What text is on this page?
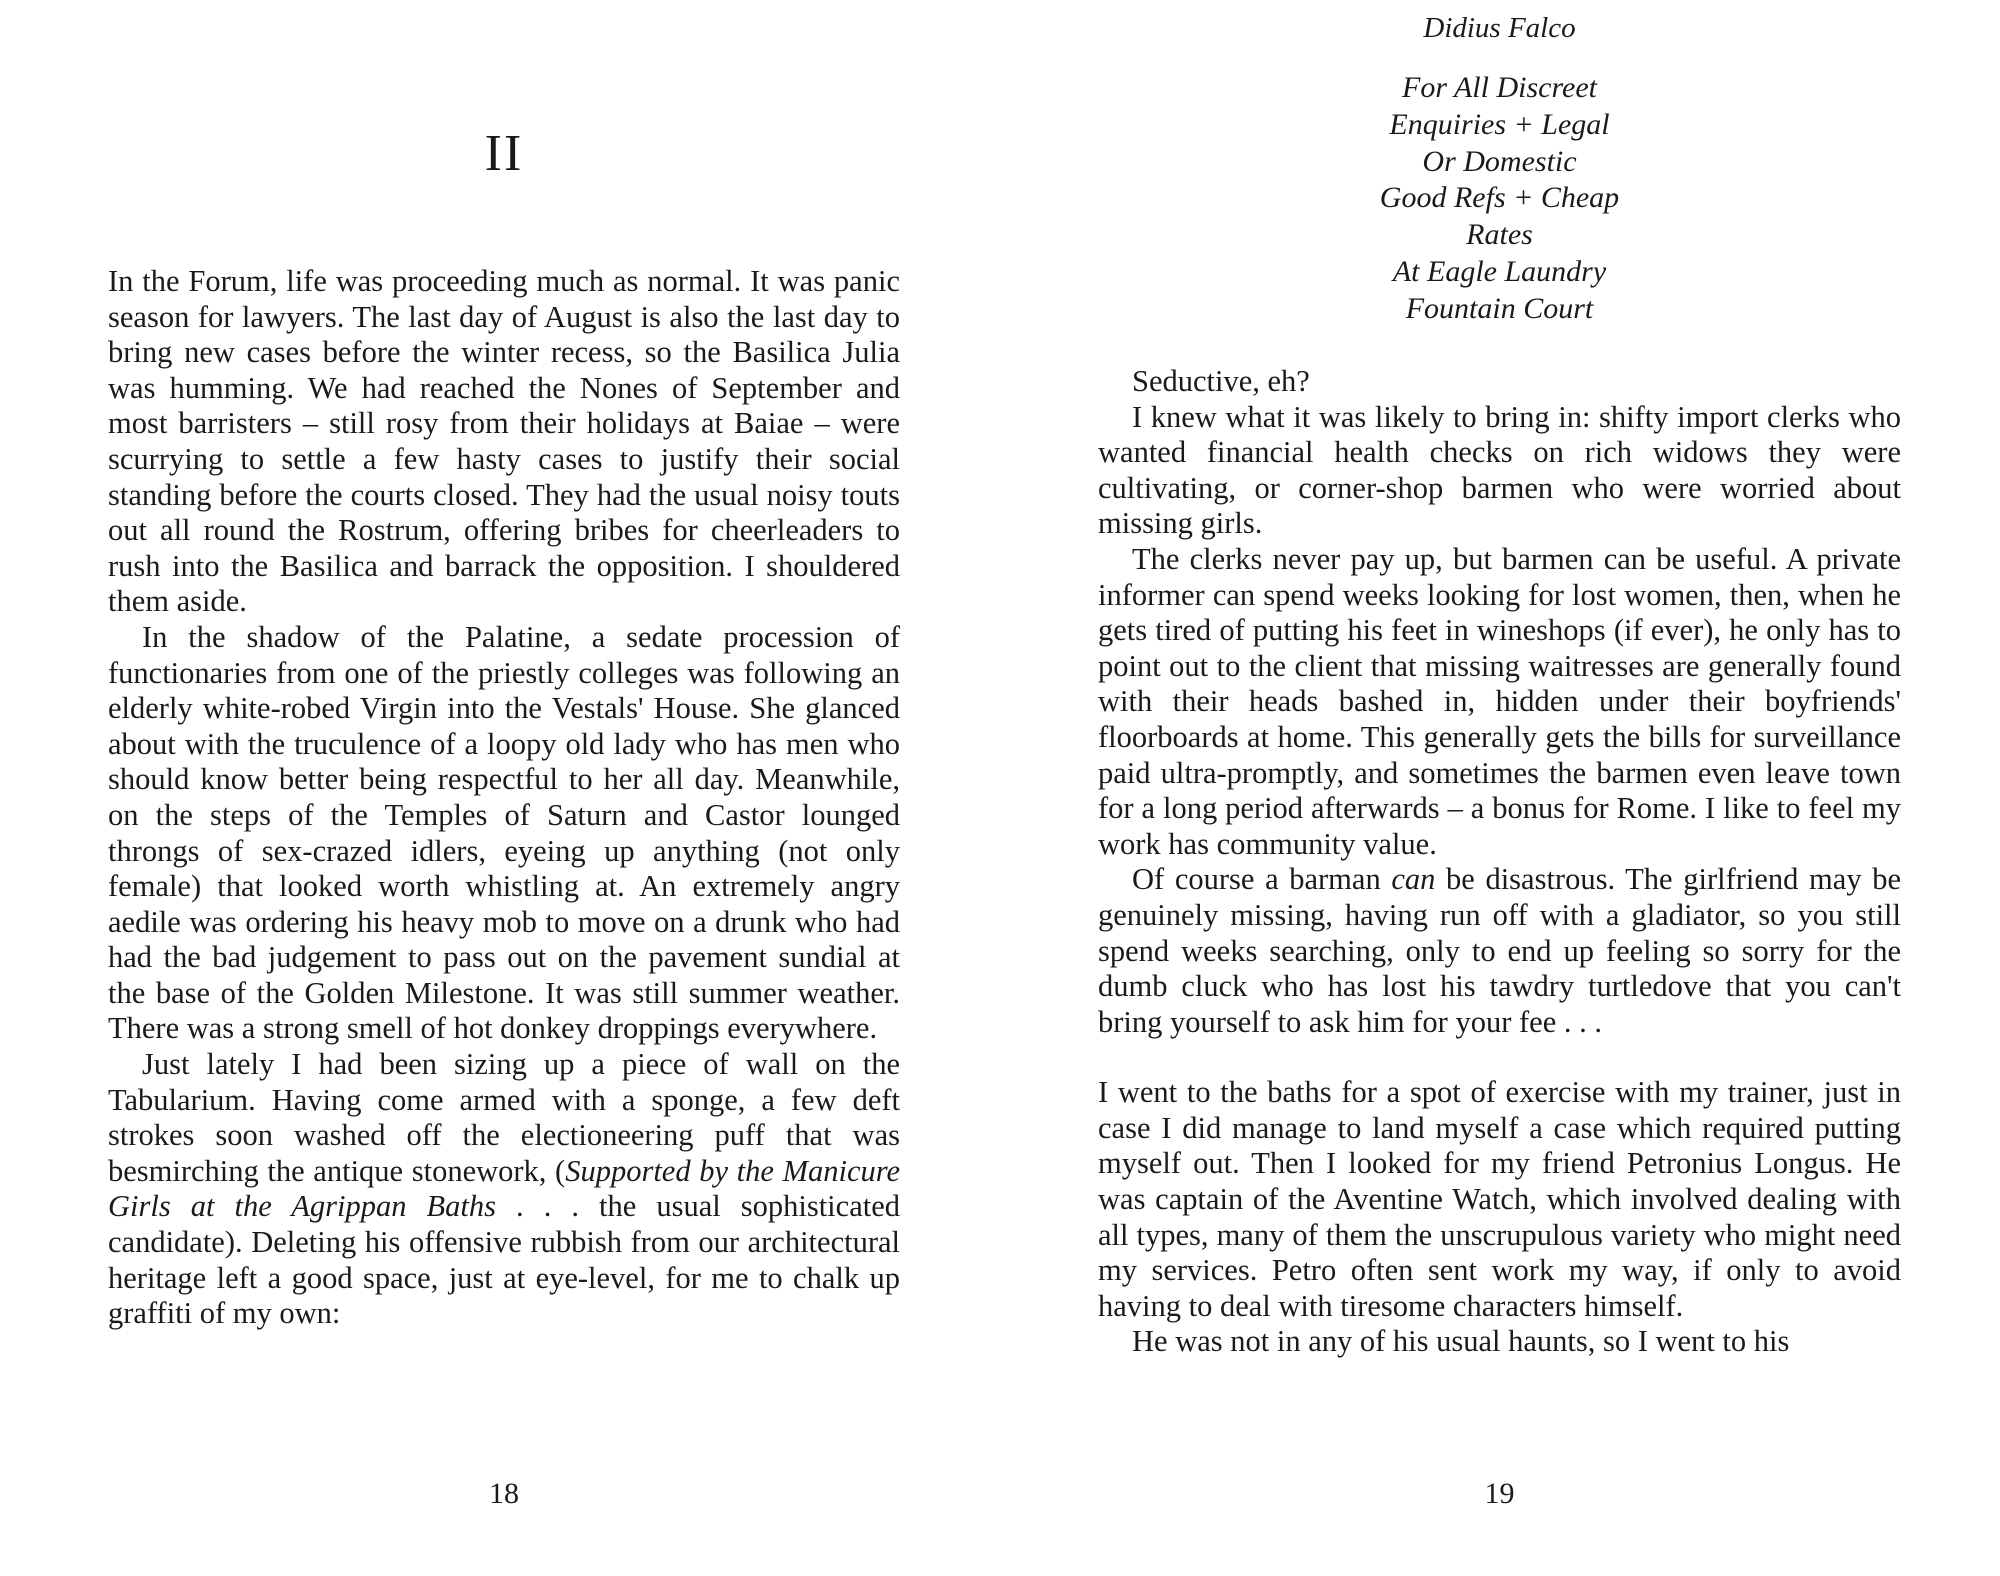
II

In the Forum, life was proceeding much as normal. It was panic season for lawyers. The last day of August is also the last day to bring new cases before the winter recess, so the Basilica Julia was humming. We had reached the Nones of September and most barristers – still rosy from their holidays at Baiae – were scurrying to settle a few hasty cases to justify their social standing before the courts closed. They had the usual noisy touts out all round the Rostrum, offering bribes for cheerleaders to rush into the Basilica and barrack the opposition. I shouldered them aside.

In the shadow of the Palatine, a sedate procession of functionaries from one of the priestly colleges was following an elderly white-robed Virgin into the Vestals' House. She glanced about with the truculence of a loopy old lady who has men who should know better being respectful to her all day. Meanwhile, on the steps of the Temples of Saturn and Castor lounged throngs of sex-crazed idlers, eyeing up anything (not only female) that looked worth whistling at. An extremely angry aedile was ordering his heavy mob to move on a drunk who had had the bad judgement to pass out on the pavement sundial at the base of the Golden Milestone. It was still summer weather. There was a strong smell of hot donkey droppings everywhere.

Just lately I had been sizing up a piece of wall on the Tabularium. Having come armed with a sponge, a few deft strokes soon washed off the electioneering puff that was besmirching the antique stonework, (Supported by the Manicure Girls at the Agrippan Baths . . . the usual sophisticated candidate). Deleting his offensive rubbish from our architectural heritage left a good space, just at eye-level, for me to chalk up graffiti of my own:

18
Didius Falco
For All Discreet
Enquiries + Legal
Or Domestic
Good Refs + Cheap
Rates
At Eagle Laundry
Fountain Court

Seductive, eh?

I knew what it was likely to bring in: shifty import clerks who wanted financial health checks on rich widows they were cultivating, or corner-shop barmen who were worried about missing girls.

The clerks never pay up, but barmen can be useful. A private informer can spend weeks looking for lost women, then, when he gets tired of putting his feet in wineshops (if ever), he only has to point out to the client that missing waitresses are generally found with their heads bashed in, hidden under their boyfriends' floorboards at home. This generally gets the bills for surveillance paid ultra-promptly, and sometimes the barmen even leave town for a long period afterwards – a bonus for Rome. I like to feel my work has community value.

Of course a barman can be disastrous. The girlfriend may be genuinely missing, having run off with a gladiator, so you still spend weeks searching, only to end up feeling so sorry for the dumb cluck who has lost his tawdry turtledove that you can't bring yourself to ask him for your fee . . .

I went to the baths for a spot of exercise with my trainer, just in case I did manage to land myself a case which required putting myself out. Then I looked for my friend Petronius Longus. He was captain of the Aventine Watch, which involved dealing with all types, many of them the unscrupulous variety who might need my services. Petro often sent work my way, if only to avoid having to deal with tiresome characters himself.

He was not in any of his usual haunts, so I went to his

19
